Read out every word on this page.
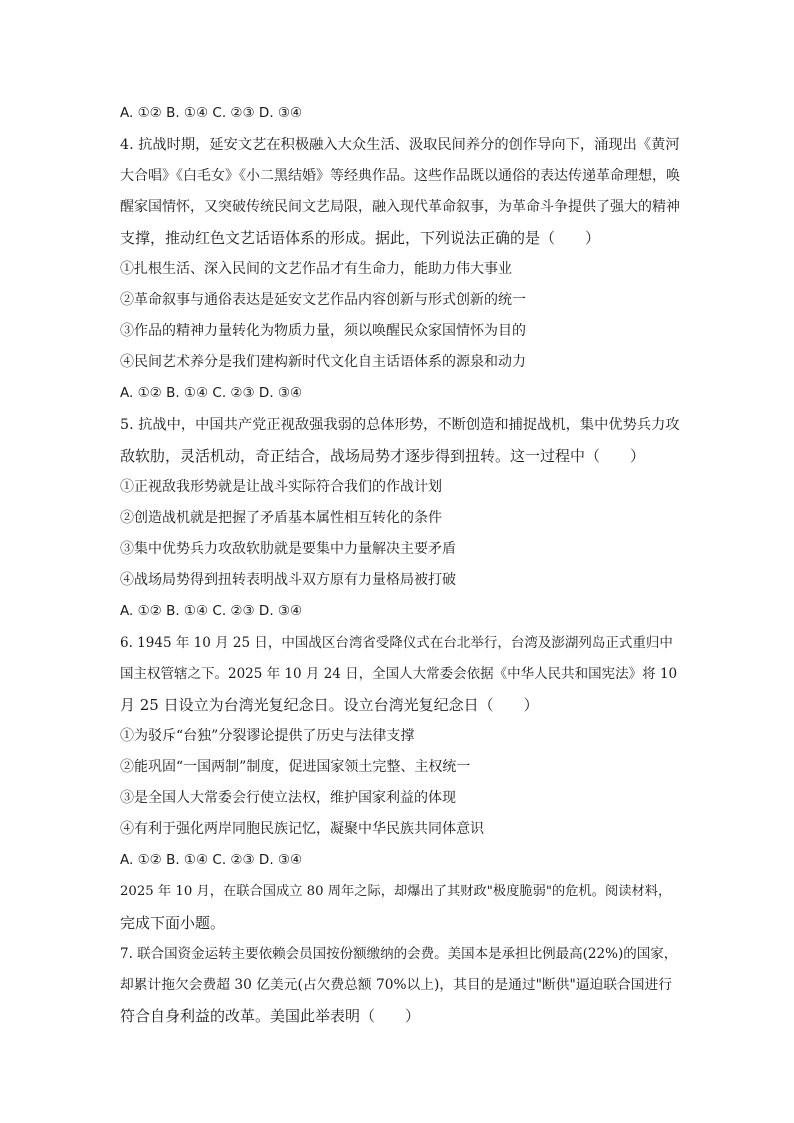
A. ①② B. ①④ C. ②③ D. ③④
4. 抗战时期，延安文艺在积极融入大众生活、汲取民间养分的创作导向下，涌现出《黄河
大合唱》《白毛女》《小二黑结婚》等经典作品。这些作品既以通俗的表达传递革命理想，唤
醒家国情怀，又突破传统民间文艺局限，融入现代革命叙事，为革命斗争提供了强大的精神
支撑，推动红色文艺话语体系的形成。据此，下列说法正确的是（　　）
①扎根生活、深入民间的文艺作品才有生命力，能助力伟大事业
②革命叙事与通俗表达是延安文艺作品内容创新与形式创新的统一
③作品的精神力量转化为物质力量，须以唤醒民众家国情怀为目的
④民间艺术养分是我们建构新时代文化自主话语体系的源泉和动力
A. ①② B. ①④ C. ②③ D. ③④
5. 抗战中，中国共产党正视敌强我弱的总体形势，不断创造和捕捉战机，集中优势兵力攻
敌软肋，灵活机动，奇正结合，战场局势才逐步得到扭转。这一过程中（　　）
①正视敌我形势就是让战斗实际符合我们的作战计划
②创造战机就是把握了矛盾基本属性相互转化的条件
③集中优势兵力攻敌软肋就是要集中力量解决主要矛盾
④战场局势得到扭转表明战斗双方原有力量格局被打破
A. ①② B. ①④ C. ②③ D. ③④
6. 1945 年 10 月 25 日，中国战区台湾省受降仪式在台北举行，台湾及澎湖列岛正式重归中
国主权管辖之下。2025 年 10 月 24 日，全国人大常委会依据《中华人民共和国宪法》将 10
月 25 日设立为台湾光复纪念日。设立台湾光复纪念日（　　）
①为驳斥“台独”分裂谬论提供了历史与法律支撑
②能巩固“一国两制”制度，促进国家领土完整、主权统一
③是全国人大常委会行使立法权，维护国家利益的体现
④有利于强化两岸同胞民族记忆，凝聚中华民族共同体意识
A. ①② B. ①④ C. ②③ D. ③④
2025 年 10 月，在联合国成立 80 周年之际，却爆出了其财政"极度脆弱"的危机。阅读材料，
完成下面小题。
7. 联合国资金运转主要依赖会员国按份额缴纳的会费。美国本是承担比例最高(22%)的国家，
却累计拖欠会费超 30 亿美元(占欠费总额 70%以上)，其目的是通过"断供"逼迫联合国进行
符合自身利益的改革。美国此举表明（　　）
